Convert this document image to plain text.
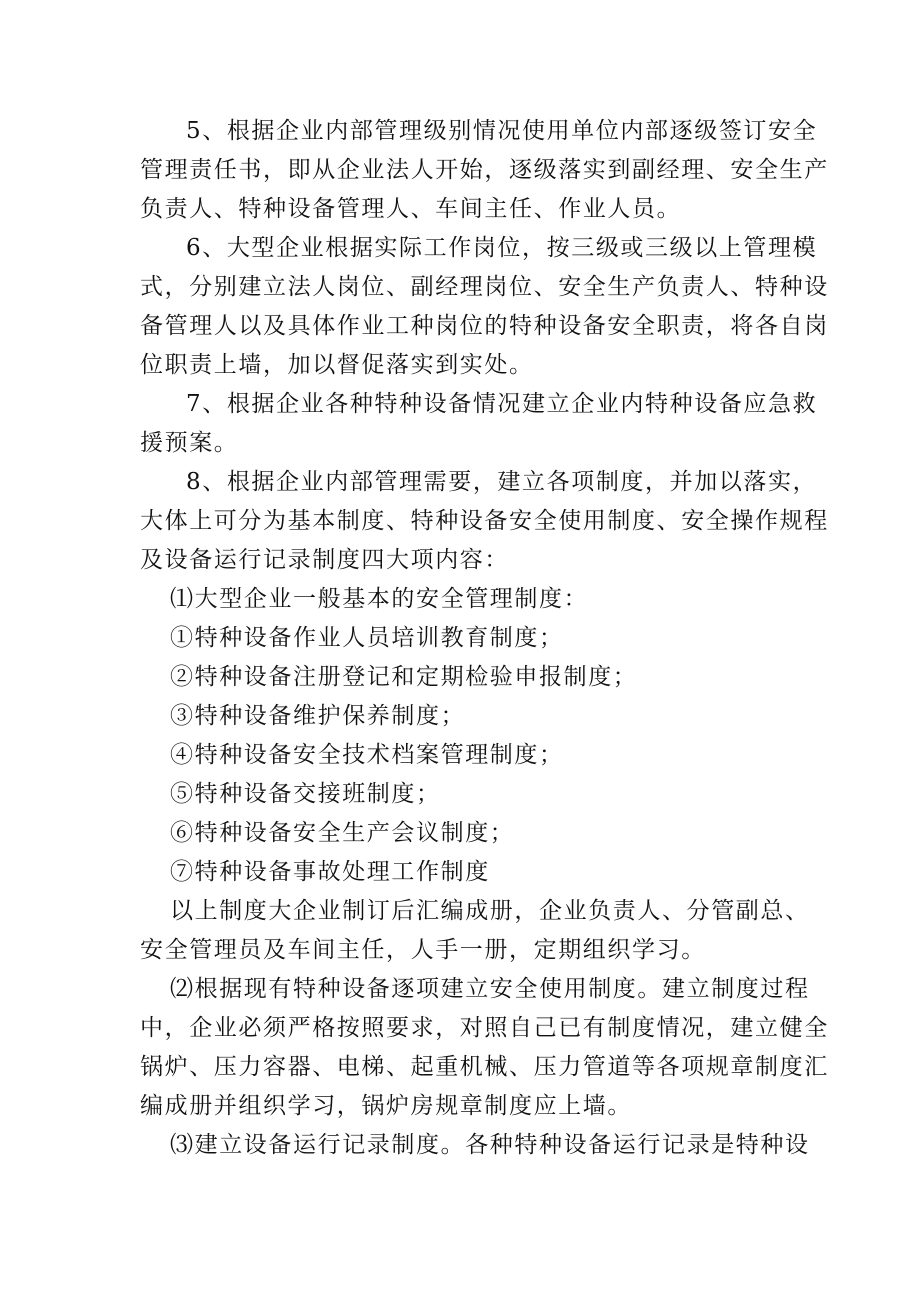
5、根据企业内部管理级别情况使用单位内部逐级签订安全
管理责任书，即从企业法人开始，逐级落实到副经理、安全生产
负责人、特种设备管理人、车间主任、作业人员。
6、大型企业根据实际工作岗位，按三级或三级以上管理模
式，分别建立法人岗位、副经理岗位、安全生产负责人、特种设
备管理人以及具体作业工种岗位的特种设备安全职责，将各自岗
位职责上墙，加以督促落实到实处。
7、根据企业各种特种设备情况建立企业内特种设备应急救
援预案。
8、根据企业内部管理需要，建立各项制度，并加以落实，
大体上可分为基本制度、特种设备安全使用制度、安全操作规程
及设备运行记录制度四大项内容：
⑴大型企业一般基本的安全管理制度：
①特种设备作业人员培训教育制度；
②特种设备注册登记和定期检验申报制度；
③特种设备维护保养制度；
④特种设备安全技术档案管理制度；
⑤特种设备交接班制度；
⑥特种设备安全生产会议制度；
⑦特种设备事故处理工作制度
以上制度大企业制订后汇编成册，企业负责人、分管副总、
安全管理员及车间主任，人手一册，定期组织学习。
⑵根据现有特种设备逐项建立安全使用制度。建立制度过程
中，企业必须严格按照要求，对照自己已有制度情况，建立健全
锅炉、压力容器、电梯、起重机械、压力管道等各项规章制度汇
编成册并组织学习，锅炉房规章制度应上墙。
⑶建立设备运行记录制度。各种特种设备运行记录是特种设
